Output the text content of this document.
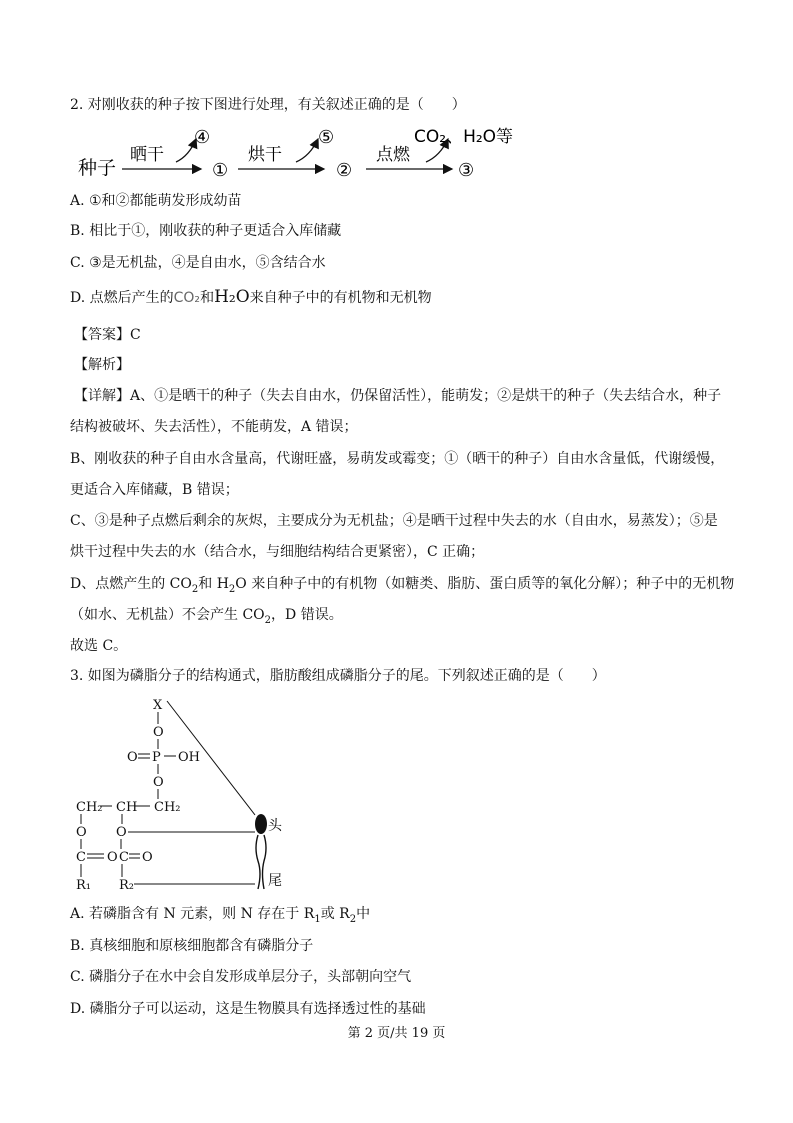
2. 对刚收获的种子按下图进行处理，有关叙述正确的是（　　）
种子
晒干
④
①
烘干
⑤
②
点燃
CO₂、H₂O等
③
A. ①和②都能萌发形成幼苗
B. 相比于①，刚收获的种子更适合入库储藏
C. ③是无机盐，④是自由水，⑤含结合水
D. 点燃后产生的CO₂和H₂O来自种子中的有机物和无机物
【答案】C
【解析】
【详解】A、①是晒干的种子（失去自由水，仍保留活性），能萌发；②是烘干的种子（失去结合水，种子
结构被破坏、失去活性），不能萌发，A 错误；
B、刚收获的种子自由水含量高，代谢旺盛，易萌发或霉变；①（晒干的种子）自由水含量低，代谢缓慢，
更适合入库储藏，B 错误；
C、③是种子点燃后剩余的灰烬，主要成分为无机盐；④是晒干过程中失去的水（自由水，易蒸发）；⑤是
烘干过程中失去的水（结合水，与细胞结构结合更紧密），C 正确；
D、点燃产生的 $CO_2$和 $H_2O$ 来自种子中的有机物（如糖类、脂肪、蛋白质等的氧化分解）；种子中的无机物
（如水、无机盐）不会产生 $CO_2$，D 错误。
故选 C。
3. 如图为磷脂分子的结构通式，脂肪酸组成磷脂分子的尾。下列叙述正确的是（　　）
X
O
O P OH
O
CH₂ CH CH₂
O O
C O C O
R₁ R₂
头
尾
A. 若磷脂含有 N 元素，则 N 存在于 $R_1$或 $R_2$中
B. 真核细胞和原核细胞都含有磷脂分子
C. 磷脂分子在水中会自发形成单层分子，头部朝向空气
D. 磷脂分子可以运动，这是生物膜具有选择透过性的基础
第 2 页/共 19 页
